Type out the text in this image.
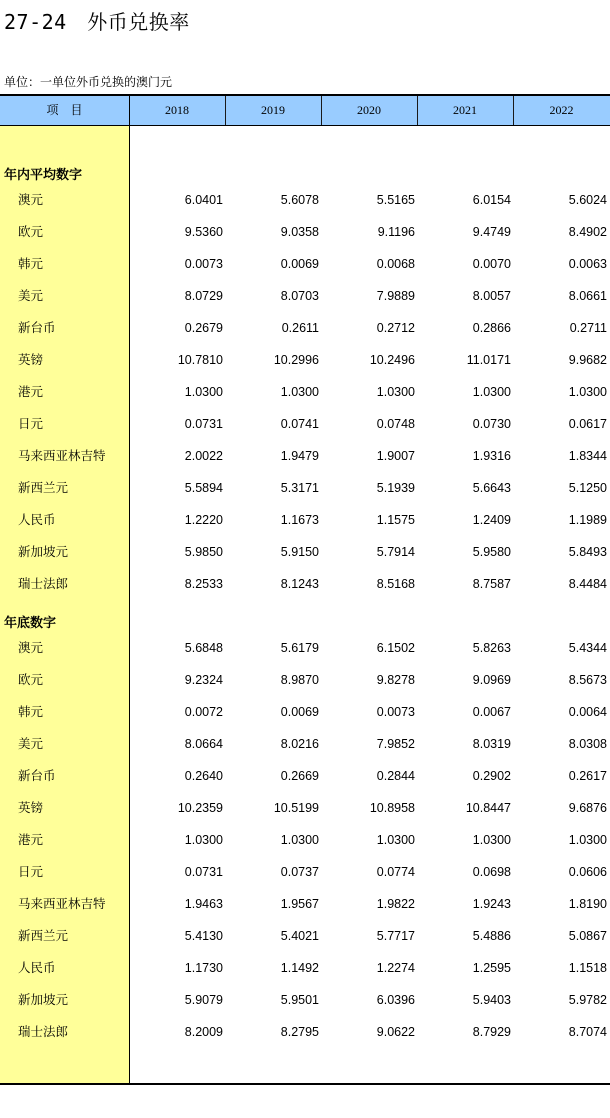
27-24　外币兑换率
单位：一单位外币兑换的澳门元
项　目	2018	2019	2020	2021	2022
年内平均数字
澳元	6.0401	5.6078	5.5165	6.0154	5.6024
欧元	9.5360	9.0358	9.1196	9.4749	8.4902
韩元	0.0073	0.0069	0.0068	0.0070	0.0063
美元	8.0729	8.0703	7.9889	8.0057	8.0661
新台币	0.2679	0.2611	0.2712	0.2866	0.2711
英镑	10.7810	10.2996	10.2496	11.0171	9.9682
港元	1.0300	1.0300	1.0300	1.0300	1.0300
日元	0.0731	0.0741	0.0748	0.0730	0.0617
马来西亚林吉特	2.0022	1.9479	1.9007	1.9316	1.8344
新西兰元	5.5894	5.3171	5.1939	5.6643	5.1250
人民币	1.2220	1.1673	1.1575	1.2409	1.1989
新加坡元	5.9850	5.9150	5.7914	5.9580	5.8493
瑞士法郎	8.2533	8.1243	8.5168	8.7587	8.4484
年底数字
澳元	5.6848	5.6179	6.1502	5.8263	5.4344
欧元	9.2324	8.9870	9.8278	9.0969	8.5673
韩元	0.0072	0.0069	0.0073	0.0067	0.0064
美元	8.0664	8.0216	7.9852	8.0319	8.0308
新台币	0.2640	0.2669	0.2844	0.2902	0.2617
英镑	10.2359	10.5199	10.8958	10.8447	9.6876
港元	1.0300	1.0300	1.0300	1.0300	1.0300
日元	0.0731	0.0737	0.0774	0.0698	0.0606
马来西亚林吉特	1.9463	1.9567	1.9822	1.9243	1.8190
新西兰元	5.4130	5.4021	5.7717	5.4886	5.0867
人民币	1.1730	1.1492	1.2274	1.2595	1.1518
新加坡元	5.9079	5.9501	6.0396	5.9403	5.9782
瑞士法郎	8.2009	8.2795	9.0622	8.7929	8.7074
